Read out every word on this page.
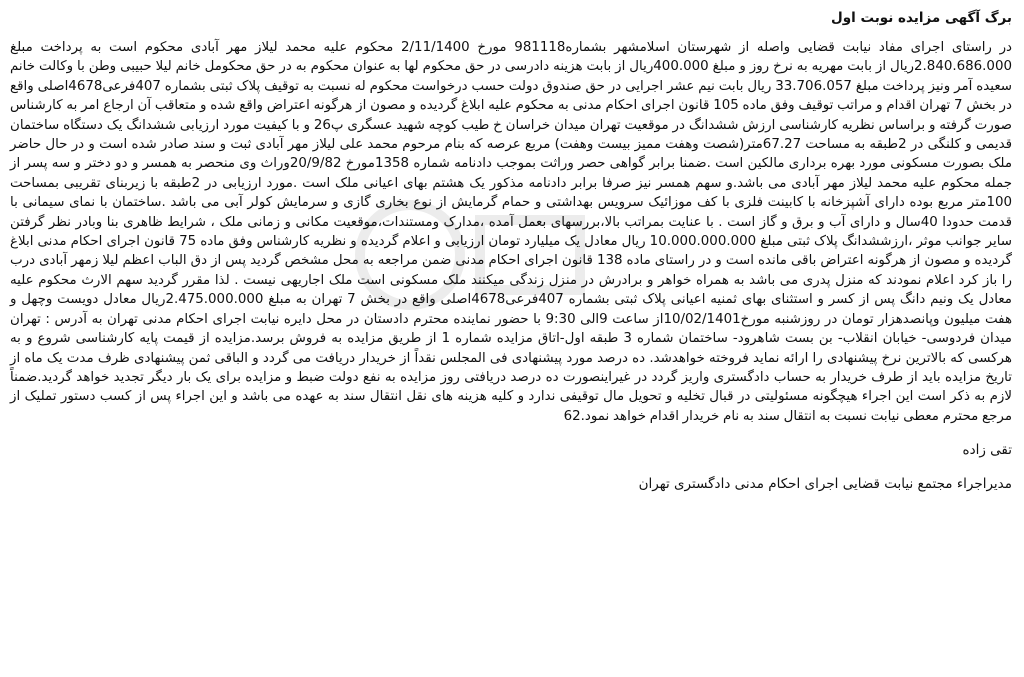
برگ آگهی مزایده نوبت اول

در راستای اجرای مفاد نیابت قضایی واصله از شهرستان اسلامشهر بشماره981118 مورخ 2/11/1400 محکوم علیه محمد لیلاز مهر آبادی محکوم است به پرداخت مبلغ 2.840.686.000ریال از بابت مهریه به نرخ روز و مبلغ 400.000ریال از بابت هزینه دادرسی در حق محکوم لها به عنوان محکوم به در حق محکومل خانم لیلا حبیبی وطن با وکالت خانم سعیده آمر ونیز پرداخت مبلغ 33.706.057 ریال بابت نیم عشر اجرایی در حق صندوق دولت حسب درخواست محکوم له نسبت به توقیف پلاک ثبتی بشماره 407فرعی4678اصلی واقع در بخش 7 تهران اقدام و مراتب توقیف وفق ماده 105 قانون اجرای احکام مدنی به محکوم علیه ابلاغ گردیده و مصون از هرگونه اعتراض واقع شده و متعاقب آن ارجاع امر به کارشناس صورت گرفته و براساس نظریه کارشناسی ارزش ششدانگ در موقعیت تهران میدان خراسان خ طیب کوچه شهید عسگری پ26 و با کیفیت مورد ارزیابی ششدانگ یک دستگاه ساختمان قدیمی و کلنگی در 2طبقه به مساحت 67.27متر(شصت وهفت ممیز بیست وهفت) مربع عرصه که بنام مرحوم محمد علی لیلاز مهر آبادی ثبت و سند صادر شده است و در حال حاضر ملک بصورت مسکونی مورد بهره برداری مالکین است .ضمنا برابر گواهی حصر وراثت بموجب دادنامه شماره 1358مورخ 20/9/82وراث وی منحصر به همسر و دو دختر و سه پسر از جمله محکوم علیه محمد لیلاز مهر آبادی می باشد.و سهم همسر نیز صرفا برابر دادنامه مذکور یک هشتم بهای اعیانی ملک است .مورد ارزیابی در 2طبقه با زیربنای تقریبی بمساحت 100متر مربع بوده دارای آشپزخانه با کابینت فلزی با کف موزائیک سرویس بهداشتی و حمام گرمایش از نوع بخاری گازی و سرمایش کولر آبی می باشد .ساختمان با نمای سیمانی با قدمت حدودا 40سال و دارای آب و برق و گاز است . با عنایت بمراتب بالا،بررسهای بعمل آمده ،مدارک ومستندات،موقعیت مکانی و زمانی ملک ، شرایط ظاهری بنا وبادر نظر گرفتن سایر جوانب موثر ،ارزششدانگ پلاک ثبتی مبلغ 10.000.000.000 ریال معادل یک میلیارد تومان ارزیابی و اعلام گردیده و نظریه کارشناس وفق ماده 75 قانون اجرای احکام مدنی ابلاغ گردیده و مصون از هرگونه اعتراض باقی مانده است و در راستای ماده 138 قانون اجرای احکام مدنی ضمن مراجعه به محل مشخص گردید پس از دق الباب اعظم لیلا زمهر آبادی درب را باز کرد اعلام نمودند که منزل پدری می باشد به همراه خواهر و برادرش در منزل زندگی میکنند ملک مسکونی است ملک اجاریهی نیست . لذا مقرر گردید سهم الارث محکوم علیه معادل یک ونیم دانگ پس از کسر و استثنای بهای ثمنیه اعیانی پلاک ثبتی بشماره 407فرعی4678اصلی واقع در بخش 7 تهران به مبلغ 2.475.000.000ریال معادل دویست وچهل و هفت میلیون وپانصدهزار تومان در روزشنبه مورخ10/02/1401از ساعت 9الی 9:30 با حضور نماینده محترم دادستان در محل دایره نیابت اجرای احکام مدنی تهران به آدرس : تهران میدان فردوسی- خیابان انقلاب- بن بست شاهرود- ساختمان شماره 3 طبقه اول-اتاق مزایده شماره 1 از طریق مزایده به فروش برسد.مزایده از قیمت پایه کارشناسی شروع و به هرکسی که بالاترین نرخ پیشنهادی را ارائه نماید فروخته خواهدشد. ده درصد مورد پیشنهادی فی المجلس نقداً از خریدار دریافت می گردد و الباقی ثمن پیشنهادی ظرف مدت یک ماه از تاریخ مزایده باید از طرف خریدار به حساب دادگستری واریز گردد در غیراینصورت ده درصد دریافتی روز مزایده به نفع دولت ضبط و مزایده برای یک بار دیگر تجدید خواهد گردید.ضمناً لازم به ذکر است این اجراء هیچگونه مسئولیتی در قبال تخلیه و تحویل مال توقیفی ندارد و کلیه هزینه های نقل انتقال سند به عهده می باشد و این اجراء پس از کسب دستور تملیک از مرجع محترم معطی نیابت نسبت به انتقال سند به نام خریدار اقدام خواهد نمود.62

تقی زاده
مدیراجراء مجتمع نیابت قضایی اجرای احکام مدنی دادگستری تهران
